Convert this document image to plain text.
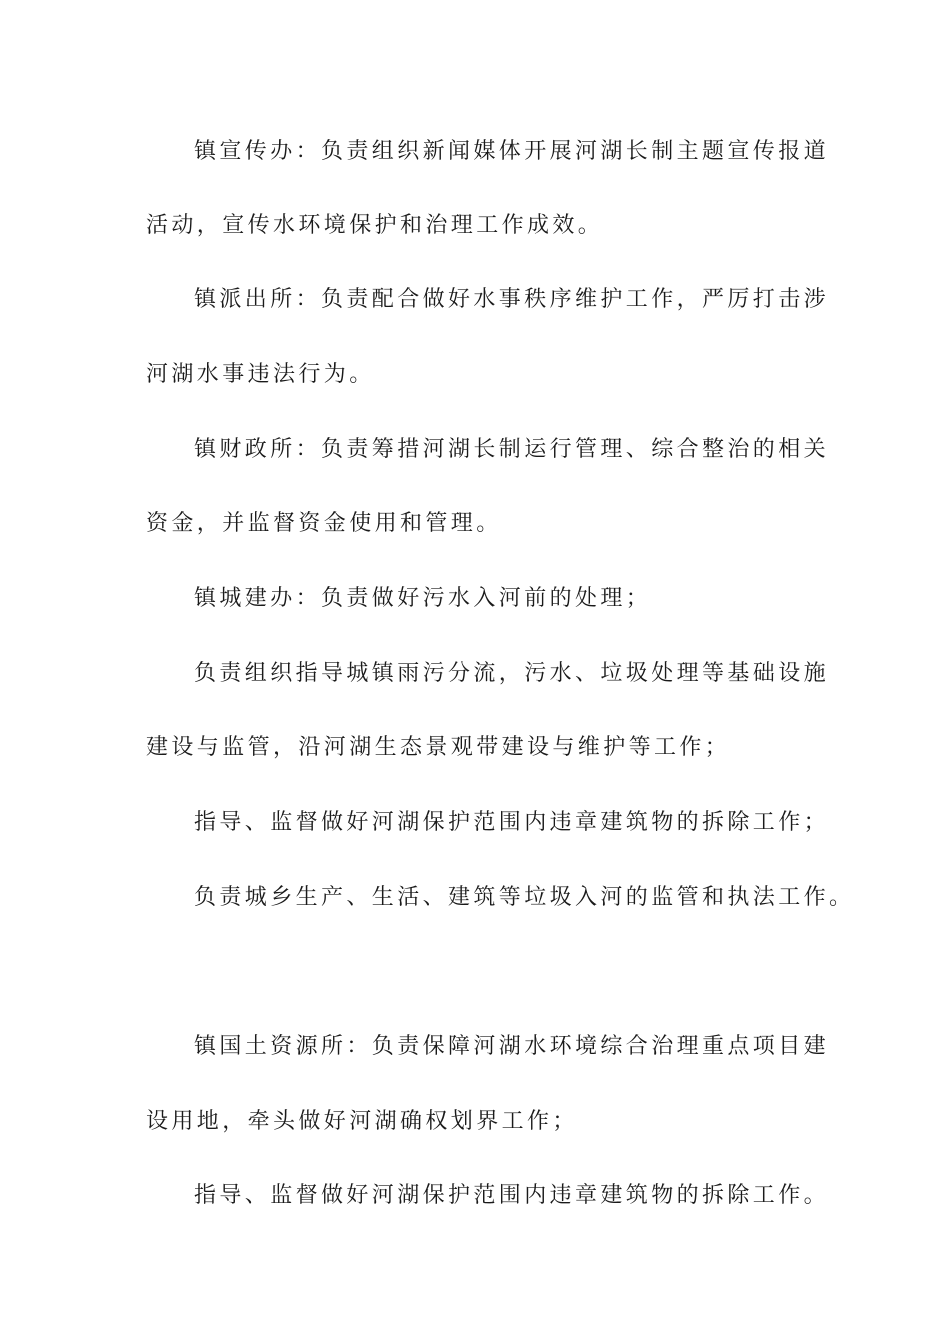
镇宣传办：负责组织新闻媒体开展河湖长制主题宣传报道
活动，宣传水环境保护和治理工作成效。
镇派出所：负责配合做好水事秩序维护工作，严厉打击涉
河湖水事违法行为。
镇财政所：负责筹措河湖长制运行管理、综合整治的相关
资金，并监督资金使用和管理。
镇城建办：负责做好污水入河前的处理；
负责组织指导城镇雨污分流，污水、垃圾处理等基础设施
建设与监管，沿河湖生态景观带建设与维护等工作；
指导、监督做好河湖保护范围内违章建筑物的拆除工作；
负责城乡生产、生活、建筑等垃圾入河的监管和执法工作。
镇国土资源所：负责保障河湖水环境综合治理重点项目建
设用地，牵头做好河湖确权划界工作；
指导、监督做好河湖保护范围内违章建筑物的拆除工作。
